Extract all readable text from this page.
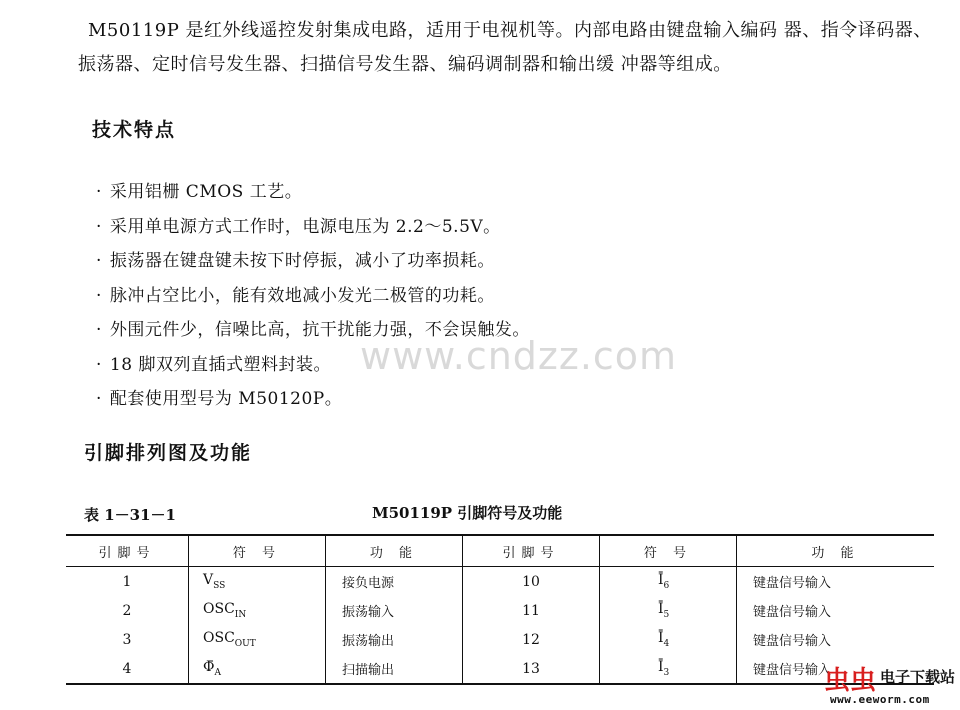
M50119P 是红外线遥控发射集成电路，适用于电视机等。内部电路由键盘输入编码 器、指令译码器、振荡器、定时信号发生器、扫描信号发生器、编码调制器和输出缓 冲器等组成。

技术特点
· 采用铝栅 CMOS 工艺。
· 采用单电源方式工作时，电源电压为 2.2～5.5V。
· 振荡器在键盘键未按下时停振，减小了功率损耗。
· 脉冲占空比小，能有效地减小发光二极管的功耗。
· 外围元件少，信噪比高，抗干扰能力强，不会误触发。
· 18 脚双列直插式塑料封装。
· 配套使用型号为 M50120P。
www.cndzz.com
引脚排列图及功能
表 1－31－1	M50119P 引脚符号及功能
引脚号	符 号	功 能	引脚号	符 号	功 能
1	$V_{SS}$	接负电源	10	$Ī_6$	键盘信号输入
2	$OSC_{IN}$	振荡输入	11	$Ī_5$	键盘信号输入
3	$OSC_{OUT}$	振荡输出	12	$Ī_4$	键盘信号输入
4	$\Phī_A$	扫描输出	13	$Ī_3$	键盘信号输入
虫虫 电子下载站
www.eeworm.com
